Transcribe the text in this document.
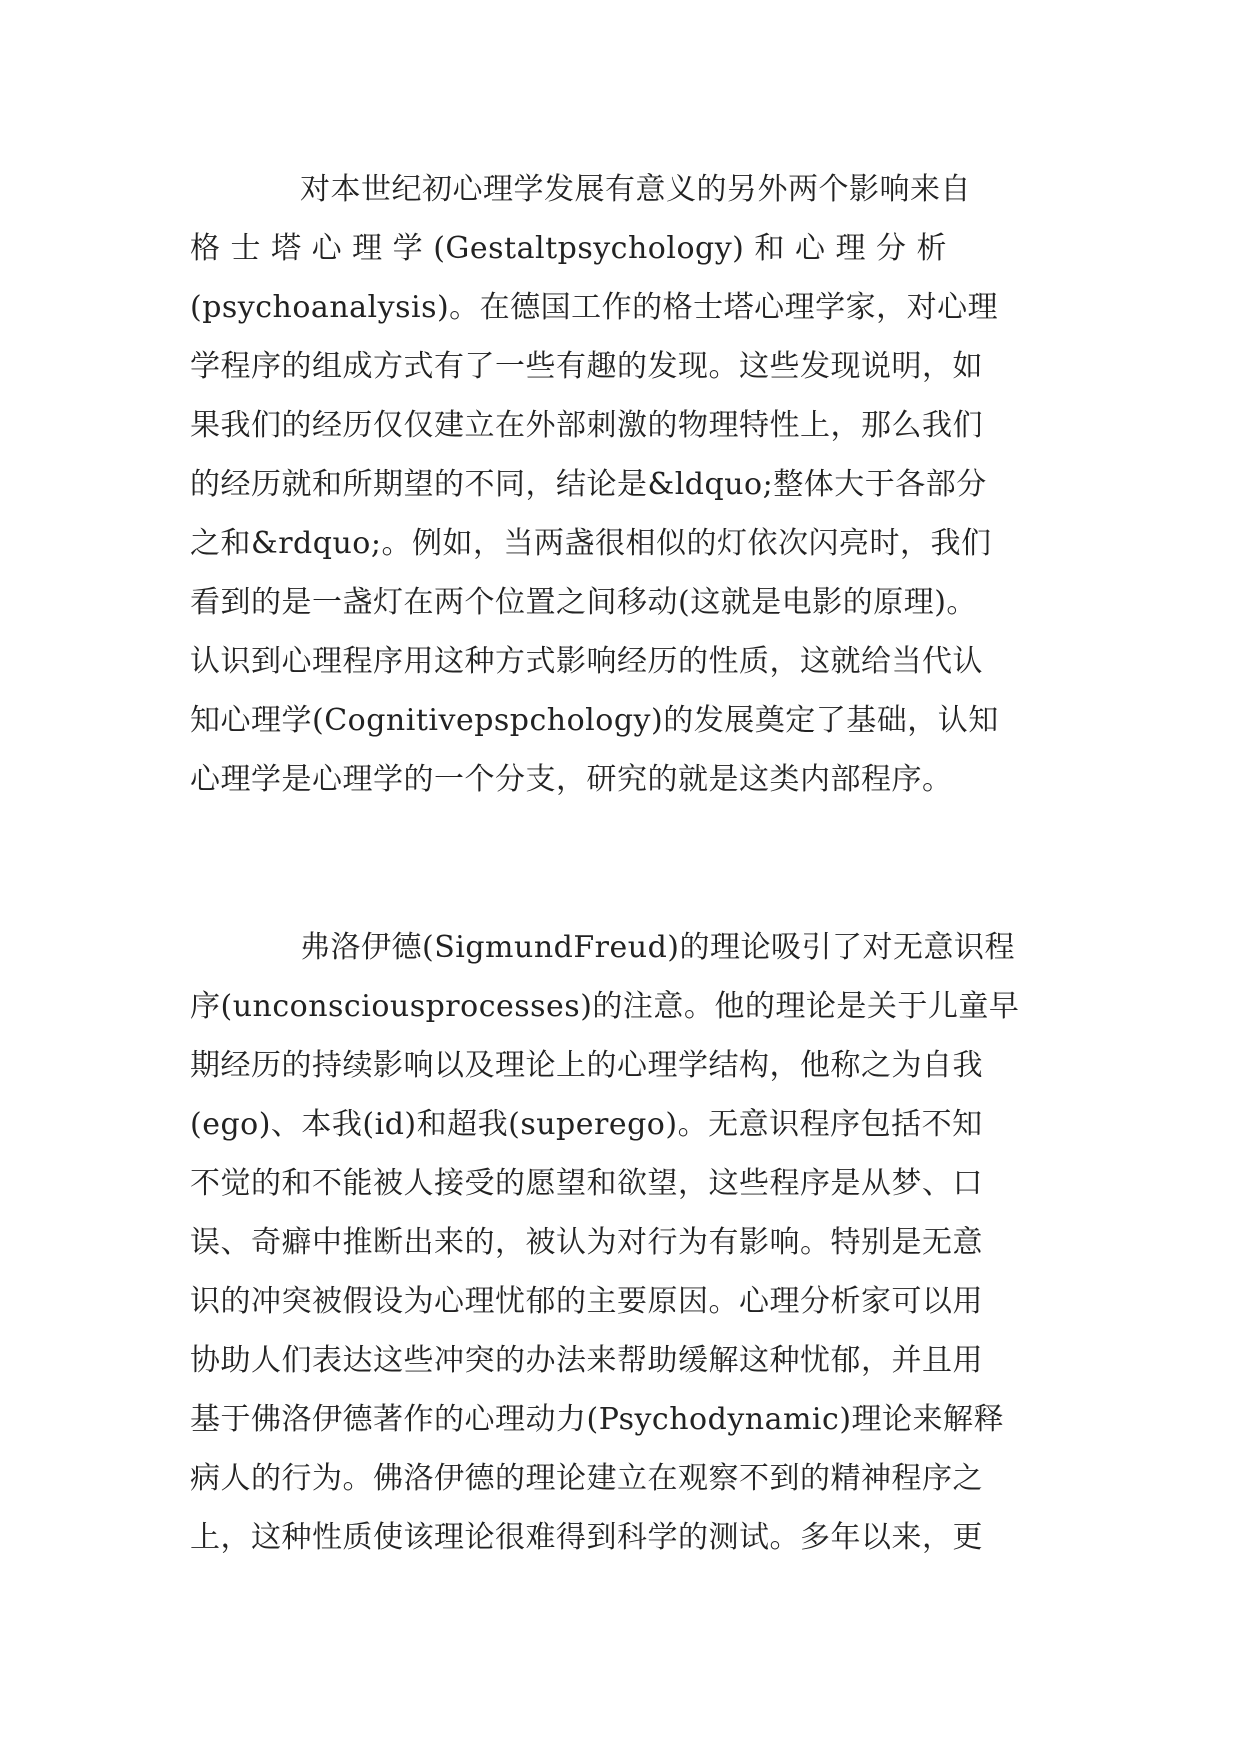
对本世纪初心理学发展有意义的另外两个影响来自
格 士 塔 心 理 学 (Gestaltpsychology) 和 心 理 分 析
(psychoanalysis)。在德国工作的格士塔心理学家，对心理
学程序的组成方式有了一些有趣的发现。这些发现说明，如
果我们的经历仅仅建立在外部刺激的物理特性上，那么我们
的经历就和所期望的不同，结论是&ldquo;整体大于各部分
之和&rdquo;。例如，当两盏很相似的灯依次闪亮时，我们
看到的是一盏灯在两个位置之间移动(这就是电影的原理)。
认识到心理程序用这种方式影响经历的性质，这就给当代认
知心理学(Cognitivepspchology)的发展奠定了基础，认知
心理学是心理学的一个分支，研究的就是这类内部程序。
弗洛伊德(SigmundFreud)的理论吸引了对无意识程
序(unconsciousprocesses)的注意。他的理论是关于儿童早
期经历的持续影响以及理论上的心理学结构，他称之为自我
(ego)、本我(id)和超我(superego)。无意识程序包括不知
不觉的和不能被人接受的愿望和欲望，这些程序是从梦、口
误、奇癖中推断出来的，被认为对行为有影响。特别是无意
识的冲突被假设为心理忧郁的主要原因。心理分析家可以用
协助人们表达这些冲突的办法来帮助缓解这种忧郁，并且用
基于佛洛伊德著作的心理动力(Psychodynamic)理论来解释
病人的行为。佛洛伊德的理论建立在观察不到的精神程序之
上，这种性质使该理论很难得到科学的测试。多年以来，更
